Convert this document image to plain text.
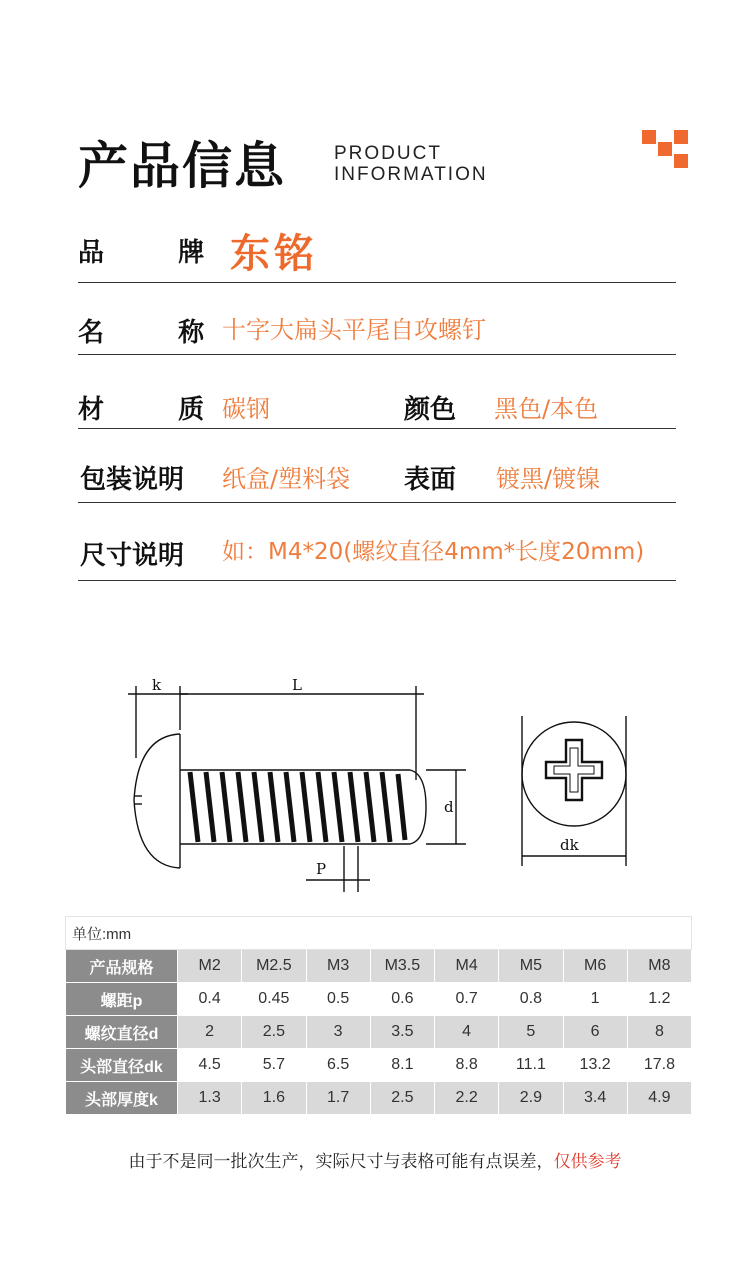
产品信息	PRODUCT
INFORMATION
品  牌 东铭
名  称 十字大扁头平尾自攻螺钉
材  质 碳钢	颜色 黑色/本色
包装说明 纸盒/塑料袋 表面 镀黑/镀镍
尺寸说明 如：M4*20(螺纹直径4mm*长度20mm)
k	L
d
P
dk
单位:mm								
产品规格	M2	M2.5	M3	M3.5	M4	M5	M6	M8
螺距p	0.4	0.45	0.5	0.6	0.7	0.8	1	1.2
螺纹直径d	2	2.5	3	3.5	4	5	6	8
头部直径dk	4.5	5.7	6.5	8.1	8.8	11.1	13.2	17.8
头部厚度k	1.3	1.6	1.7	2.5	2.2	2.9	3.4	4.9
由于不是同一批次生产，实际尺寸与表格可能有点误差，仅供参考
